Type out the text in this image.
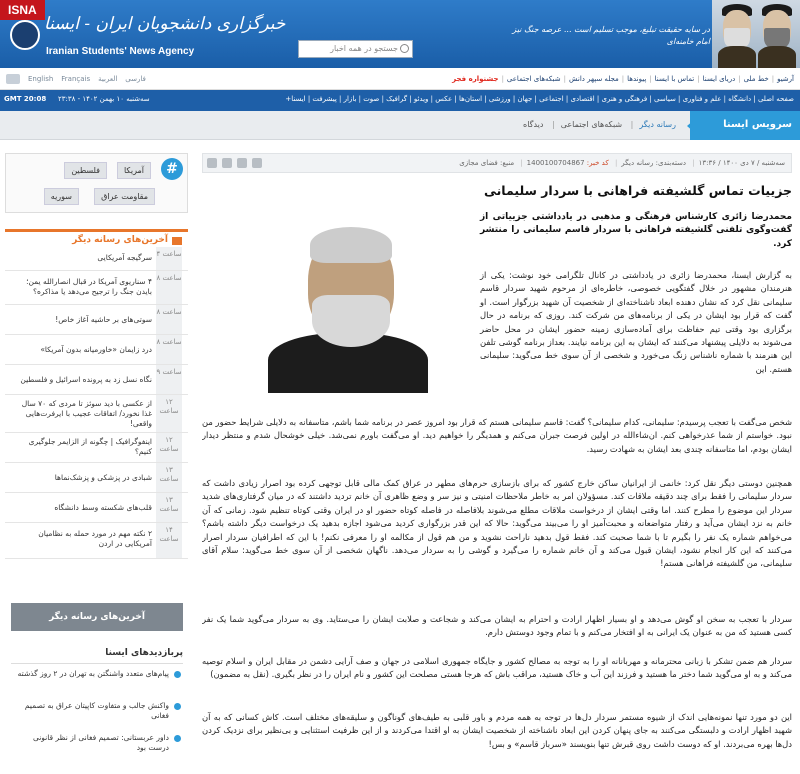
ISNA
خبرگزاری دانشجویان ایران - ایسنا
Iranian Students' News Agency	جستجو در همه اخبار
در سایه حقیقت تبلیغ، موجب تسلیم است ... عرصه جنگ نیز
امام خامنه‌ای
English Français العربية فارسی	آرشیو
|
خط ملی
|
دریای ایسنا
|
تماس با ایسنا
|
پیوندها
|
مجله سپهر دانش
|
شبکه‌های اجتماعی
|
جشنواره فجر
GMT 20:08 سه‌شنبه ۱۰ بهمن ۱۴۰۲ - ۲۳:۳۸	صفحه اصلی | دانشگاه | علم و فناوری | سیاسی | فرهنگی و هنری | اقتصادی | اجتماعی | جهان | ورزشی | استان‌ها | عکس | ویدئو | گرافیک | صوت | بازار | پیشرفت | ایسنا+
سرویس ایسنا
رسانه دیگر| شبکه‌های اجتماعی| دیدگاه
#
آمریکا
فلسطین
مقاومت عراق
سوریه
آخرین‌های رسانه دیگر
۴ ساعت
سرگیجه آمریکایی
۸ ساعت
۴ سناریوی آمریکا در قبال انصارالله یمن؛ بایدن جنگ را ترجیح می‌دهد یا مذاکره؟
۸ ساعت
سوتی‌های بر حاشیه آغاز خاص!
۸ ساعت
درد زایمان «خاورمیانه بدون آمریکا»
۹ ساعت
نگاه نسل زد به پرونده اسرائیل و فلسطین
۱۲ ساعت
از عکسی با دید سوئز تا مردی که ۷۰ سال غذا نخورد/ اتفاقات عجیب با ایرفرت‌هایی واقعی!
۱۲ ساعت
اینفوگرافیک | چگونه از الزایمر جلوگیری کنیم؟
۱۳ ساعت
شبادی در پزشکی و پزشک‌نماها
۱۳ ساعت
قلب‌های شکسته وسط دانشگاه
۱۴ ساعت
۲ نکته مهم در مورد حمله به نظامیان آمریکایی در اردن
آخرین‌های رسانه دیگر
پربازدیدهای ایسنا
پیام‌های متعدد واشنگتن به تهران در ۲ روز گذشته
واکنش جالب و متفاوت کاپیتان عراق به تصمیم فغانی
داور عربستانی: تصمیم فغانی از نظر قانونی درست بود
سه‌شنبه / ۷ دی ۱۴۰۰ / ۱۳:۳۶| دسته‌بندی: رسانه دیگر| کد خبر: 1400100704867| منبع: فضای مجازی
جزییات تماس گلشیفته فراهانی با سردار سلیمانی
محمدرضا زائری کارشناس فرهنگی و مذهبی در یادداشتی جزییاتی از گفت‌وگوی تلفنی گلشیفته فراهانی با سردار قاسم سلیمانی را منتشر کرد.
به گزارش ایسنا، محمدرضا زائری در یادداشتی در کانال تلگرامی خود نوشت: یکی از هنرمندان مشهور در خلال گفتگویی خصوصی، خاطره‌ای از مرحوم شهید سردار قاسم سلیمانی نقل کرد که نشان دهنده ابعاد ناشناخته‌ای از شخصیت آن شهید بزرگوار است. او گفت که قرار بود ایشان در یکی از برنامه‌های من شرکت کند. روزی که برنامه در حال برگزاری بود وقتی تیم حفاظت برای آماده‌سازی زمینه حضور ایشان در محل حاضر می‌شوند به دلایلی پیشنهاد می‌کنند که ایشان به این برنامه نیایند. بعداز برنامه گوشی تلفن این هنرمند با شماره ناشناس زنگ می‌خورد و شخصی از آن سوی خط می‌گوید: سلیمانی هستم. این
شخص می‌گفت با تعجب پرسیدم: سلیمانی، کدام سلیمانی؟ گفت: قاسم سلیمانی هستم که قرار بود امروز عصر در برنامه شما باشم، متاسفانه به دلایلی شرایط حضور من نبود. خواستم از شما عذرخواهی کنم. ان‌شاءالله در اولین فرصت جبران می‌کنم و همدیگر را خواهیم دید. او می‌گفت باورم نمی‌شد. خیلی خوشحال شدم و منتظر دیدار ایشان بودم، اما متاسفانه چندی بعد ایشان به شهادت رسید.
همچنین دوستی دیگر نقل کرد: خانمی از ایرانیان ساکن خارج کشور که برای بازسازی حرم‌های مطهر در عراق کمک مالی قابل توجهی کرده بود اصرار زیادی داشت که سردار سلیمانی را فقط برای چند دقیقه ملاقات کند. مسؤولان امر به خاطر ملاحظات امنیتی و نیز سر و وضع ظاهری آن خانم تردید داشتند که در میان گرفتاری‌های شدید سردار این موضوع را مطرح کنند. اما وقتی ایشان از درخواست ملاقات مطلع می‌شوند بلافاصله در فاصله کوتاه حضور او در ایران وقتی کوتاه تنظیم شود. زمانی که آن خانم به نزد ایشان می‌آید و رفتار متواضعانه و محبت‌آمیز او را می‌بیند می‌گوید: حالا که این قدر بزرگواری کردید می‌شود اجازه بدهید یک درخواست دیگر داشته باشم؟ می‌خواهم شماره یک نفر را بگیرم تا با شما صحبت کند. فقط قول بدهید ناراحت نشوید و من هم قول از مکالمه او را معرفی نکنم! با این که اطرافیان سردار اصرار می‌کنند که این کار انجام نشود، ایشان قبول می‌کند و آن خانم شماره را می‌گیرد و گوشی را به سردار می‌دهد. ناگهان شخصی از آن سوی خط می‌گوید: سلام آقای سلیمانی، من گلشیفته فراهانی هستم!
سردار با تعجب به سخن او گوش می‌دهد و او بسیار اظهار ارادت و احترام به ایشان می‌کند و شجاعت و صلابت ایشان را می‌ستاید. وی به سردار می‌گوید شما یک نفر کسی هستید که من به عنوان یک ایرانی به او افتخار می‌کنم و با تمام وجود دوستش دارم.
سردار هم ضمن تشکر با زبانی محترمانه و مهربانانه او را به توجه به مصالح کشور و جایگاه جمهوری اسلامی در جهان و صف آرایی دشمن در مقابل ایران و اسلام توصیه می‌کند و به او می‌گوید شما دختر ما هستید و فرزند این آب و خاک هستید، مراقب باش که هرجا هستی مصلحت این کشور و نام ایران را در نظر بگیری. (نقل به مضمون)
این دو مورد تنها نمونه‌هایی اندک از شیوه مستمر سردار دل‌ها در توجه به همه مردم و باور قلبی به طیف‌های گوناگون و سلیقه‌های مختلف است. کاش کسانی که به آن شهید اظهار ارادت و دلبستگی می‌کنند به جای پنهان کردن این ابعاد ناشناخته از شخصیت ایشان به او اقتدا می‌کردند و از این ظرفیت استثنایی و بی‌نظیر برای نزدیک کردن دل‌ها بهره می‌بردند. او که دوست داشت روی قبرش تنها بنویسند «سرباز قاسم» و بس!
